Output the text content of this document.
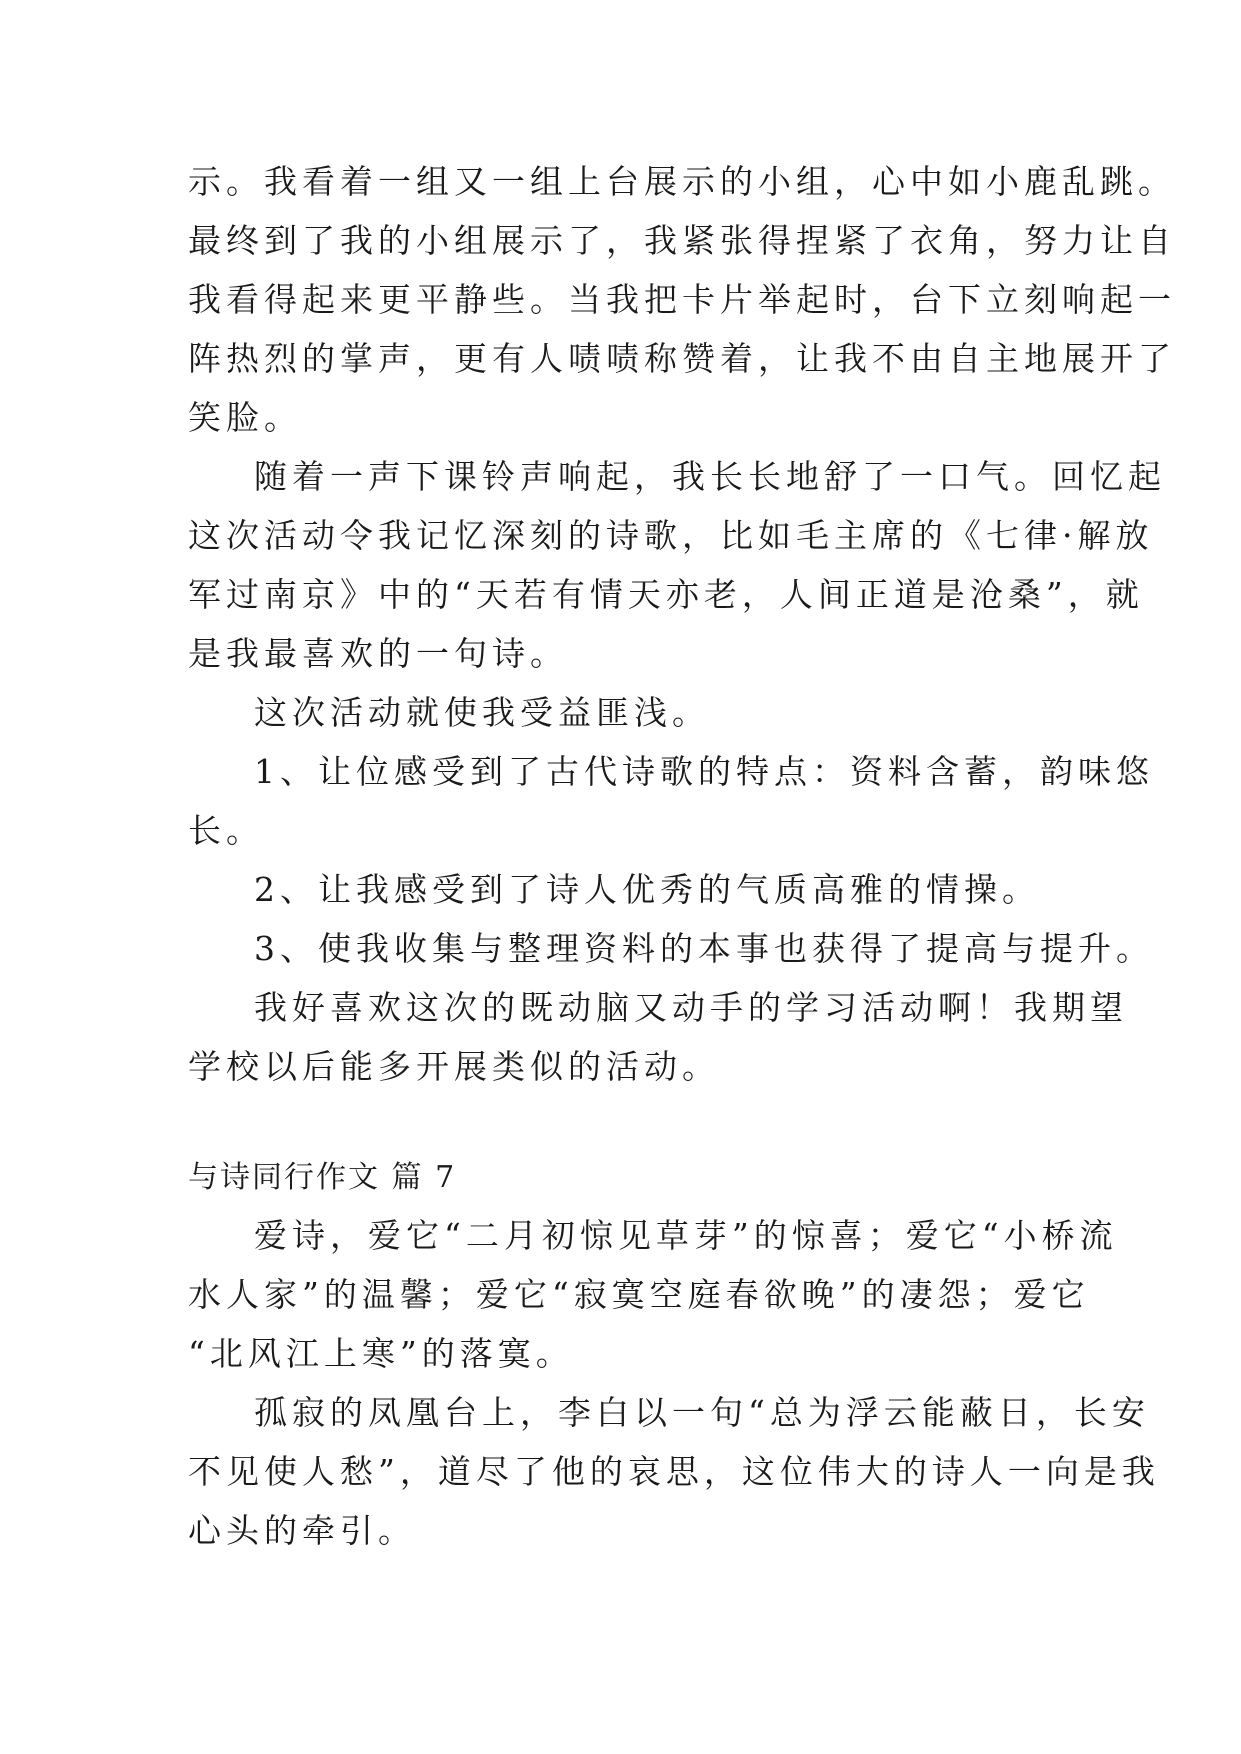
示。我看着一组又一组上台展示的小组，心中如小鹿乱跳。
最终到了我的小组展示了，我紧张得捏紧了衣角，努力让自
我看得起来更平静些。当我把卡片举起时，台下立刻响起一
阵热烈的掌声，更有人啧啧称赞着，让我不由自主地展开了
笑脸。
随着一声下课铃声响起，我长长地舒了一口气。回忆起
这次活动令我记忆深刻的诗歌，比如毛主席的《七律·解放
军过南京》中的“天若有情天亦老，人间正道是沧桑”，就
是我最喜欢的一句诗。
这次活动就使我受益匪浅。
1、让位感受到了古代诗歌的特点：资料含蓄，韵味悠
长。
2、让我感受到了诗人优秀的气质高雅的情操。
3、使我收集与整理资料的本事也获得了提高与提升。
我好喜欢这次的既动脑又动手的学习活动啊！我期望
学校以后能多开展类似的活动。
与诗同行作文 篇 7
爱诗，爱它“二月初惊见草芽”的惊喜；爱它“小桥流
水人家”的温馨；爱它“寂寞空庭春欲晚”的凄怨；爱它
“北风江上寒”的落寞。
孤寂的凤凰台上，李白以一句“总为浮云能蔽日，长安
不见使人愁”，道尽了他的哀思，这位伟大的诗人一向是我
心头的牵引。
